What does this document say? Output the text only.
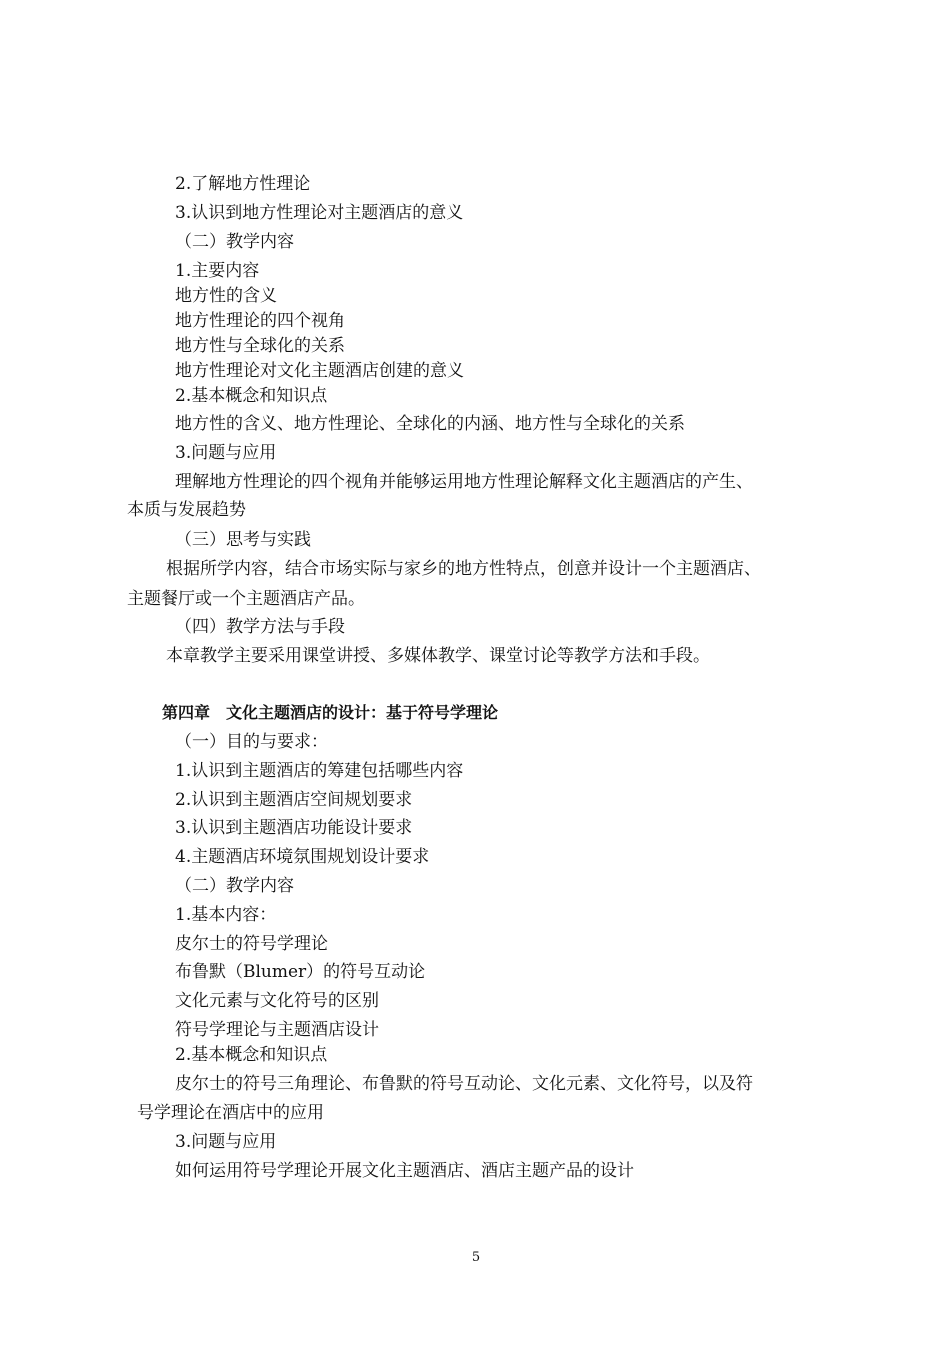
2.了解地方性理论
3.认识到地方性理论对主题酒店的意义
（二）教学内容
1.主要内容
地方性的含义
地方性理论的四个视角
地方性与全球化的关系
地方性理论对文化主题酒店创建的意义
2.基本概念和知识点
地方性的含义、地方性理论、全球化的内涵、地方性与全球化的关系
3.问题与应用
理解地方性理论的四个视角并能够运用地方性理论解释文化主题酒店的产生、
本质与发展趋势
（三）思考与实践
根据所学内容，结合市场实际与家乡的地方性特点，创意并设计一个主题酒店、
主题餐厅或一个主题酒店产品。
（四）教学方法与手段
本章教学主要采用课堂讲授、多媒体教学、课堂讨论等教学方法和手段。
第四章　文化主题酒店的设计：基于符号学理论
（一）目的与要求：
1.认识到主题酒店的筹建包括哪些内容
2.认识到主题酒店空间规划要求
3.认识到主题酒店功能设计要求
4.主题酒店环境氛围规划设计要求
（二）教学内容
1.基本内容：
皮尔士的符号学理论
布鲁默（Blumer）的符号互动论
文化元素与文化符号的区别
符号学理论与主题酒店设计
2.基本概念和知识点
皮尔士的符号三角理论、布鲁默的符号互动论、文化元素、文化符号，以及符
号学理论在酒店中的应用
3.问题与应用
如何运用符号学理论开展文化主题酒店、酒店主题产品的设计
5
